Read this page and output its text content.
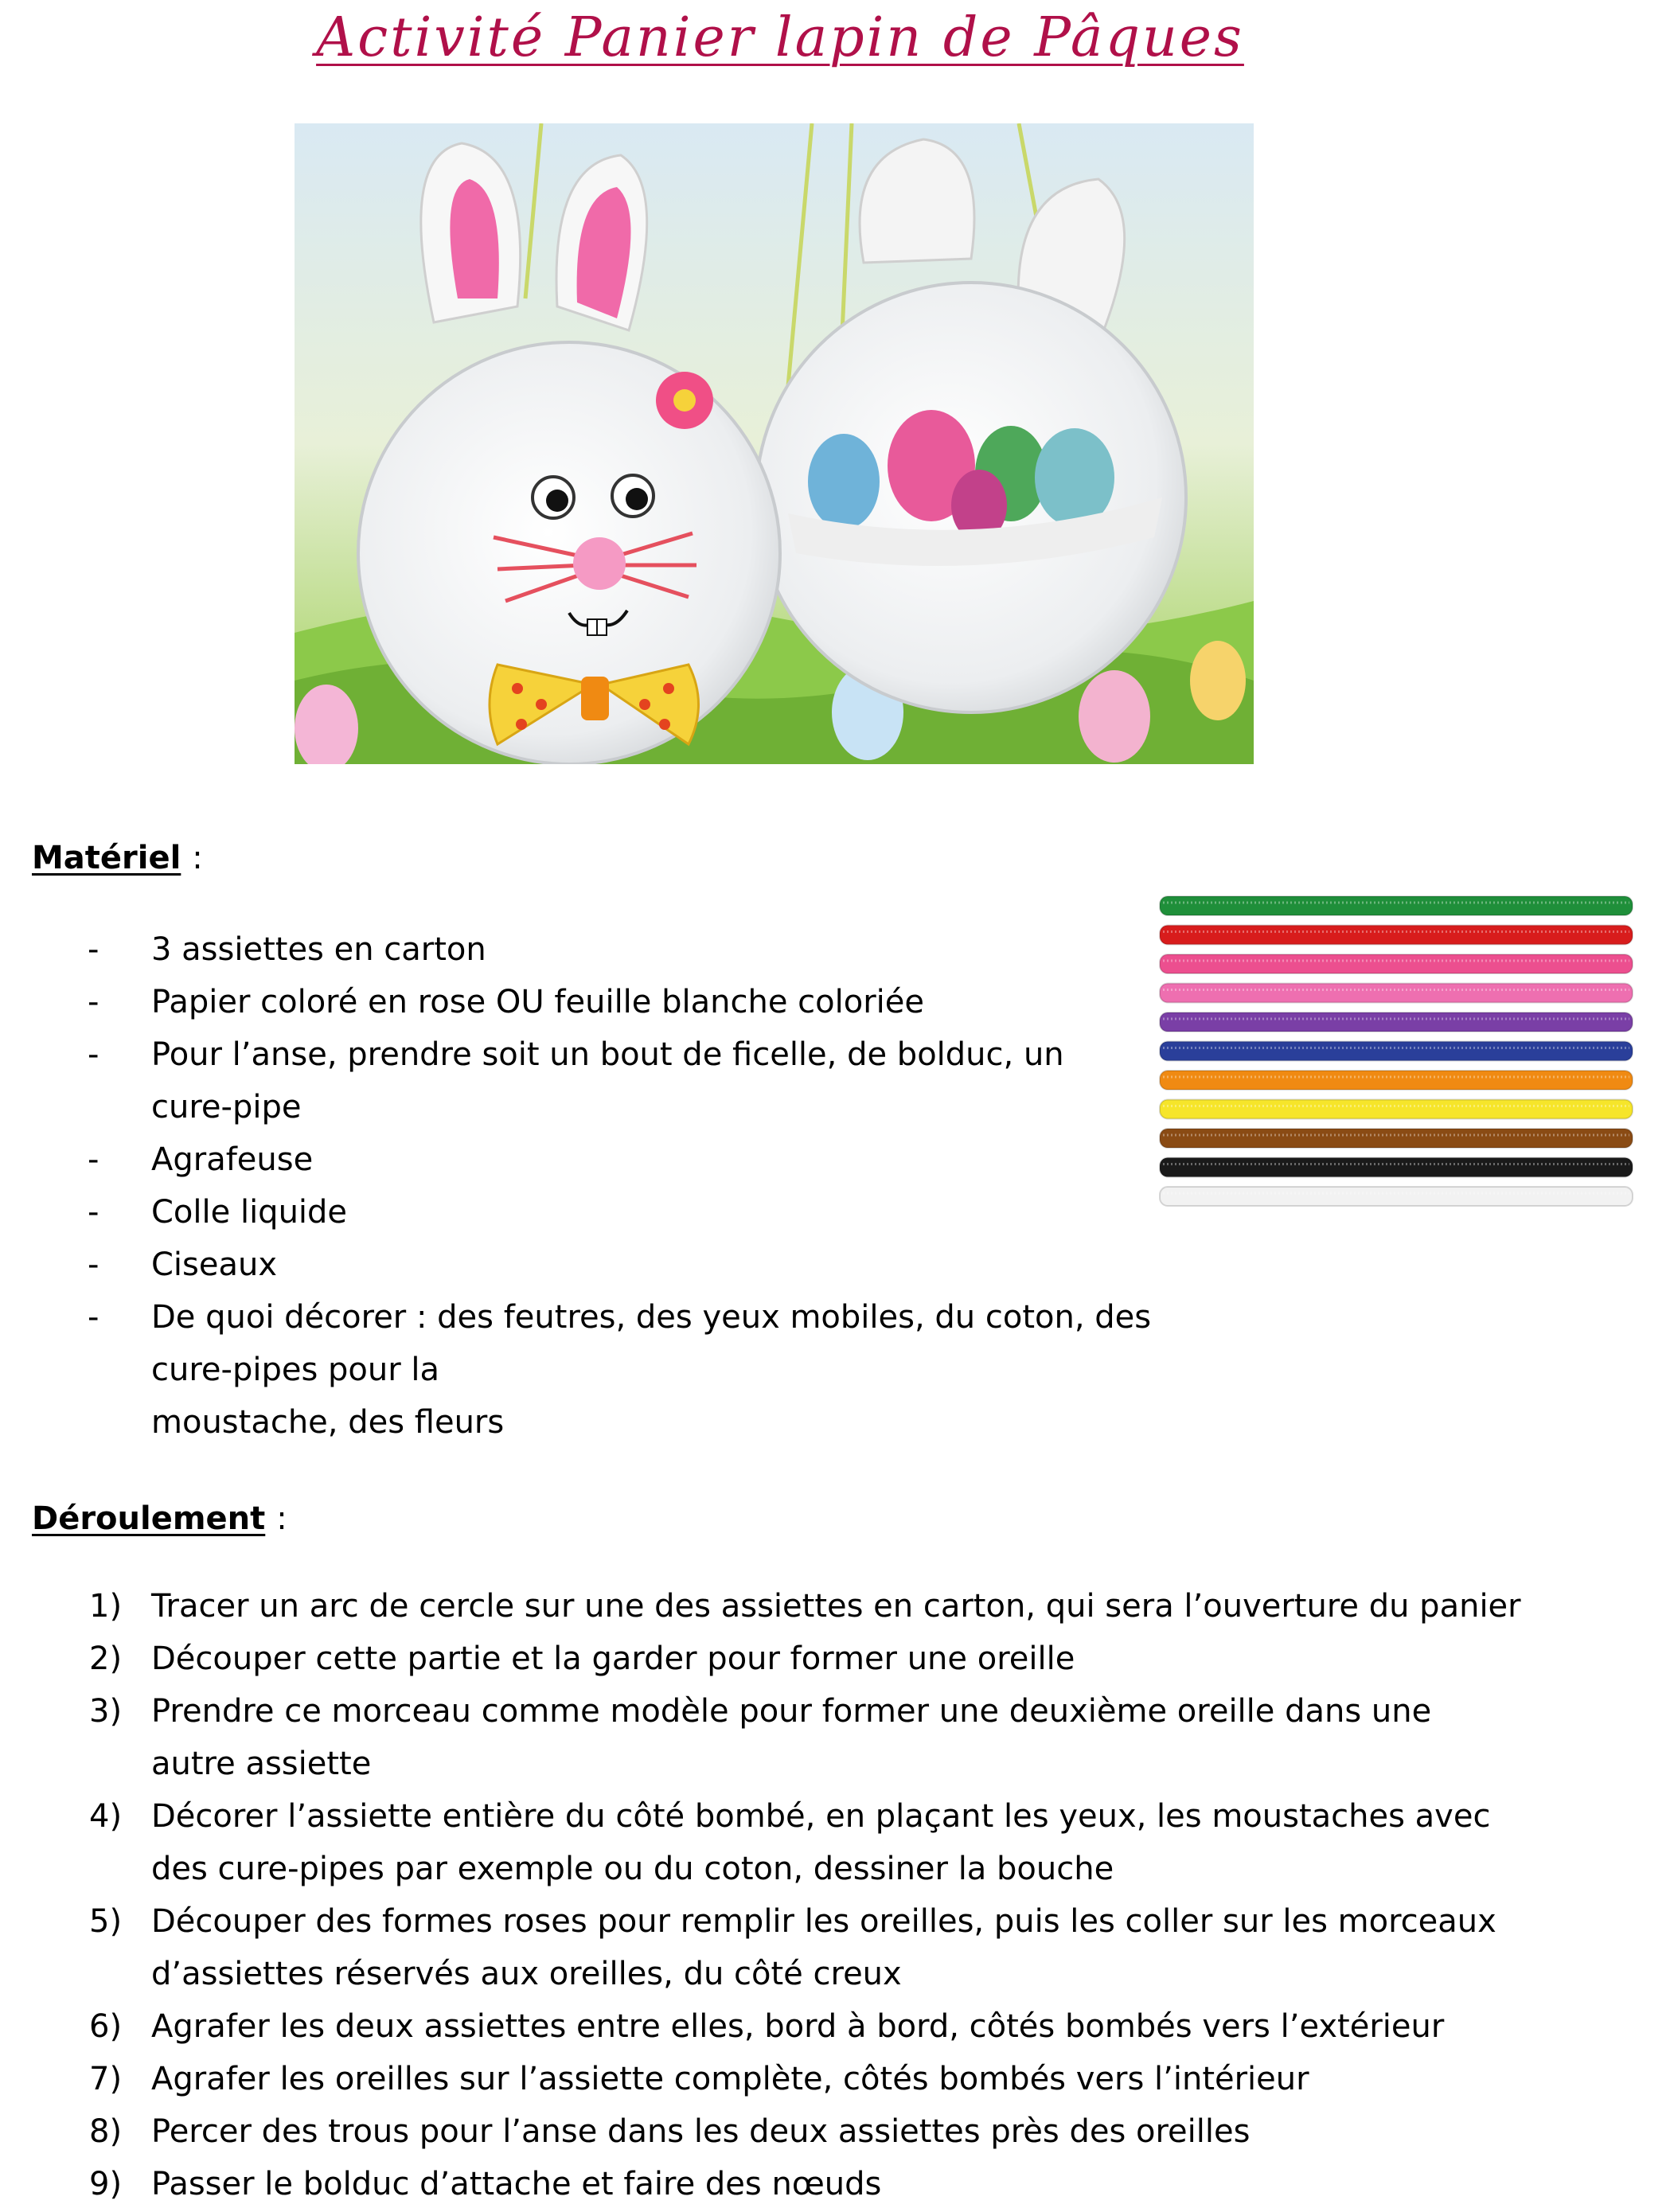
Activité Panier lapin de Pâques
Matériel :
- 3 assiettes en carton
- Papier coloré en rose OU feuille blanche coloriée
- Pour l’anse, prendre soit un bout de ficelle, de bolduc, un
cure-pipe
- Agrafeuse
- Colle liquide
- Ciseaux
- De quoi décorer : des feutres, des yeux mobiles, du coton, des cure-pipes pour la
moustache, des fleurs
Déroulement :
1) Tracer un arc de cercle sur une des assiettes en carton, qui sera l’ouverture du panier
2) Découper cette partie et la garder pour former une oreille
3) Prendre ce morceau comme modèle pour former une deuxième oreille dans une
autre assiette
4) Décorer l’assiette entière du côté bombé, en plaçant les yeux, les moustaches avec
des cure-pipes par exemple ou du coton, dessiner la bouche
5) Découper des formes roses pour remplir les oreilles, puis les coller sur les morceaux
d’assiettes réservés aux oreilles, du côté creux
6) Agrafer les deux assiettes entre elles, bord à bord, côtés bombés vers l’extérieur
7) Agrafer les oreilles sur l’assiette complète, côtés bombés vers l’intérieur
8) Percer des trous pour l’anse dans les deux assiettes près des oreilles
9) Passer le bolduc d’attache et faire des nœuds
